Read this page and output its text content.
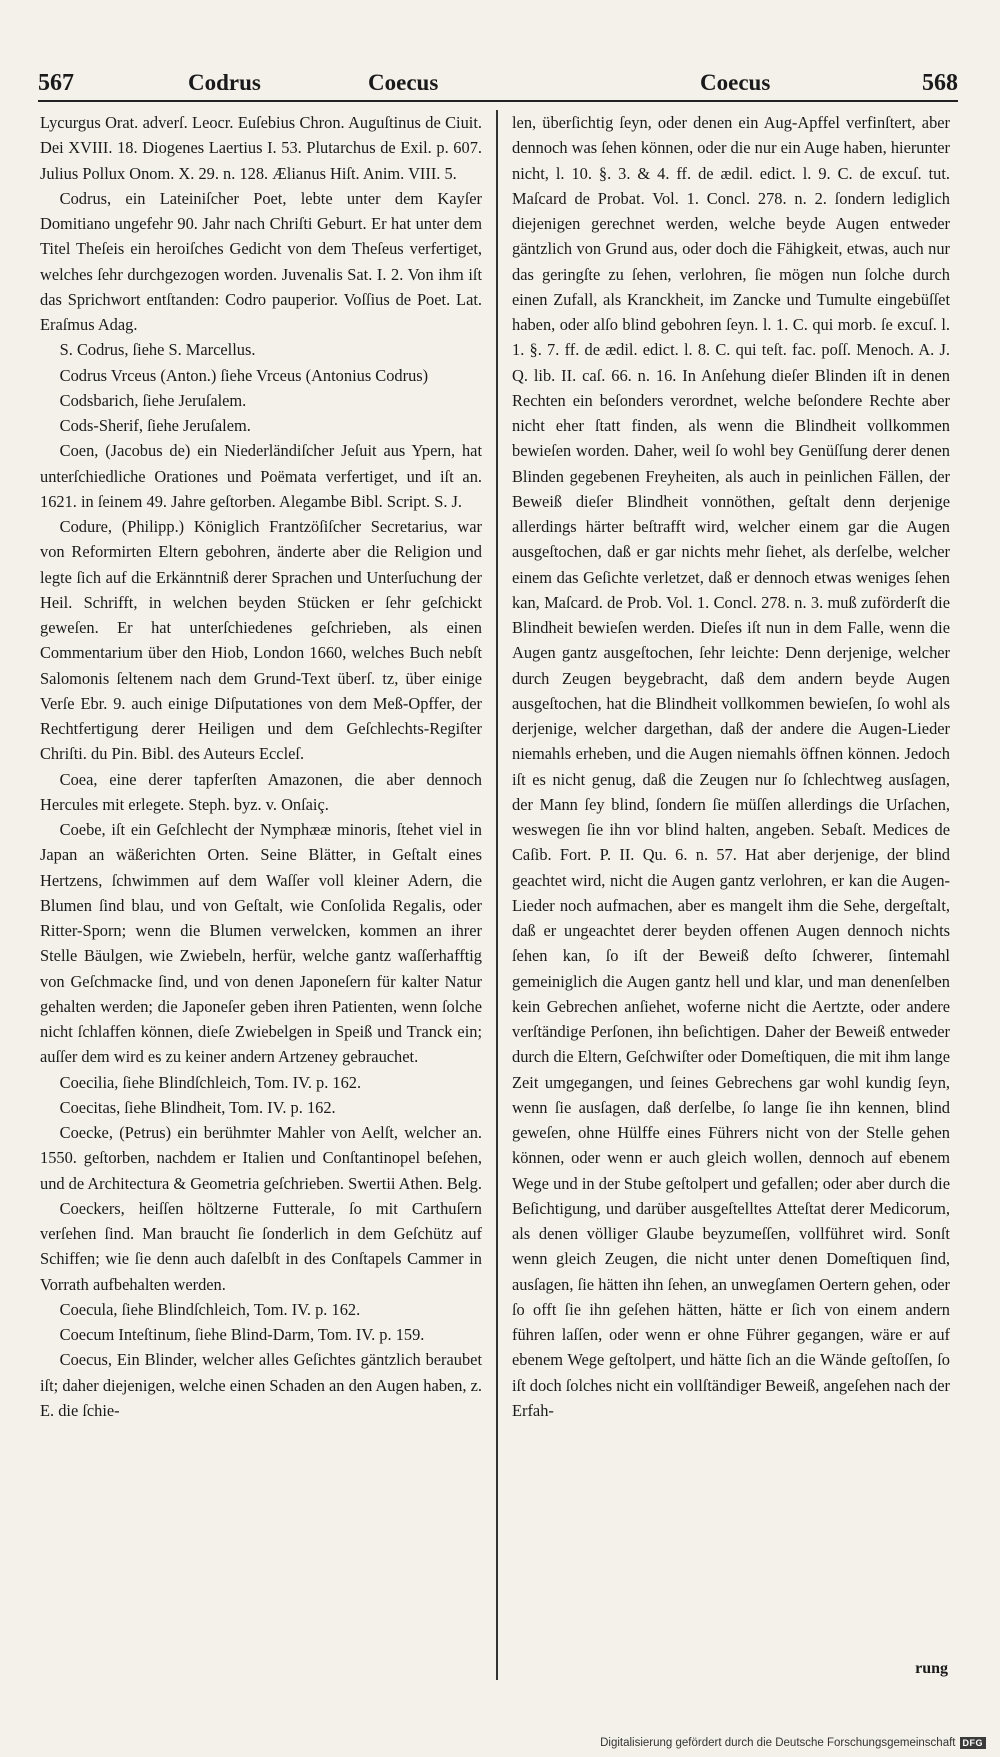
567	Codrus	Coecus	Coecus	568

Lycurgus Orat. adverſ. Leocr. Euſebius Chron. Auguſtinus de Ciuit. Dei XVIII. 18. Diogenes Laertius I. 53. Plutarchus de Exil. p. 607. Julius Pollux Onom. X. 29. n. 128. Ælianus Hiſt. Anim. VIII. 5.

Codrus, ein Lateiniſcher Poet, lebte unter dem Kayſer Domitiano ungefehr 90. Jahr nach Chriſti Geburt. Er hat unter dem Titel Theſeis ein heroiſches Gedicht von dem Theſeus verfertiget, welches ſehr durchgezogen worden. Juvenalis Sat. I. 2. Von ihm iſt das Sprichwort entſtanden: Codro pauperior. Voſſius de Poet. Lat. Eraſmus Adag.

S. Codrus, ſiehe S. Marcellus.

Codrus Vrceus (Anton.) ſiehe Vrceus (Antonius Codrus)

Codsbarich, ſiehe Jeruſalem.

Cods-Sherif, ſiehe Jeruſalem.

Coen, (Jacobus de) ein Niederländiſcher Jeſuit aus Ypern, hat unterſchiedliche Orationes und Poëmata verfertiget, und iſt an. 1621. in ſeinem 49. Jahre geſtorben. Alegambe Bibl. Script. S. J.

Codure, (Philipp.) Königlich Frantzöſiſcher Secretarius, war von Reformirten Eltern gebohren, änderte aber die Religion und legte ſich auf die Erkänntniß derer Sprachen und Unterſuchung der Heil. Schrifft, in welchen beyden Stücken er ſehr geſchickt geweſen. Er hat unterſchiedenes geſchrieben, als einen Commentarium über den Hiob, London 1660, welches Buch nebſt Salomonis ſeltenem nach dem Grund-Text überſ. tz, über einige Verſe Ebr. 9. auch einige Diſputationes von dem Meß-Opffer, der Rechtfertigung derer Heiligen und dem Geſchlechts-Regiſter Chriſti. du Pin. Bibl. des Auteurs Eccleſ.

Coea, eine derer tapferſten Amazonen, die aber dennoch Hercules mit erlegete. Steph. byz. v. Onſaiç.

Coebe, iſt ein Geſchlecht der Nymphææ minoris, ſtehet viel in Japan an wäßerichten Orten. Seine Blätter, in Geſtalt eines Hertzens, ſchwimmen auf dem Waſſer voll kleiner Adern, die Blumen ſind blau, und von Geſtalt, wie Conſolida Regalis, oder Ritter-Sporn; wenn die Blumen verwelcken, kommen an ihrer Stelle Bäulgen, wie Zwiebeln, herfür, welche gantz waſſerhafftig von Geſchmacke ſind, und von denen Japoneſern für kalter Natur gehalten werden; die Japoneſer geben ihren Patienten, wenn ſolche nicht ſchlaffen können, dieſe Zwiebelgen in Speiß und Tranck ein; auſſer dem wird es zu keiner andern Artzeney gebrauchet.

Coecilia, ſiehe Blindſchleich, Tom. IV. p. 162.

Coecitas, ſiehe Blindheit, Tom. IV. p. 162.

Coecke, (Petrus) ein berühmter Mahler von Aelſt, welcher an. 1550. geſtorben, nachdem er Italien und Conſtantinopel beſehen, und de Architectura & Geometria geſchrieben. Swertii Athen. Belg.

Coeckers, heiſſen höltzerne Futterale, ſo mit Carthuſern verſehen ſind. Man braucht ſie ſonderlich in dem Geſchütz auf Schiffen; wie ſie denn auch daſelbſt in des Conſtapels Cammer in Vorrath aufbehalten werden.

Coecula, ſiehe Blindſchleich, Tom. IV. p. 162.

Coecum Inteſtinum, ſiehe Blind-Darm, Tom. IV. p. 159.

Coecus, Ein Blinder, welcher alles Geſichtes gäntzlich beraubet iſt; daher diejenigen, welche einen Schaden an den Augen haben, z. E. die ſchie-

len, überſichtig ſeyn, oder denen ein Aug-Apffel verfinſtert, aber dennoch was ſehen können, oder die nur ein Auge haben, hierunter nicht, l. 10. §. 3. & 4. ff. de ædil. edict. l. 9. C. de excuſ. tut. Maſcard de Probat. Vol. 1. Concl. 278. n. 2. ſondern lediglich diejenigen gerechnet werden, welche beyde Augen entweder gäntzlich von Grund aus, oder doch die Fähigkeit, etwas, auch nur das geringſte zu ſehen, verlohren, ſie mögen nun ſolche durch einen Zufall, als Kranckheit, im Zancke und Tumulte eingebüſſet haben, oder alſo blind gebohren ſeyn. l. 1. C. qui morb. ſe excuſ. l. 1. §. 7. ff. de ædil. edict. l. 8. C. qui teſt. fac. poſſ. Menoch. A. J. Q. lib. II. caſ. 66. n. 16. In Anſehung dieſer Blinden iſt in denen Rechten ein beſonders verordnet, welche beſondere Rechte aber nicht eher ſtatt finden, als wenn die Blindheit vollkommen bewieſen worden. Daher, weil ſo wohl bey Genüſſung derer denen Blinden gegebenen Freyheiten, als auch in peinlichen Fällen, der Beweiß dieſer Blindheit vonnöthen, geſtalt denn derjenige allerdings härter beſtrafft wird, welcher einem gar die Augen ausgeſtochen, daß er gar nichts mehr ſiehet, als derſelbe, welcher einem das Geſichte verletzet, daß er dennoch etwas weniges ſehen kan, Maſcard. de Prob. Vol. 1. Concl. 278. n. 3. muß zuförderſt die Blindheit bewieſen werden. Dieſes iſt nun in dem Falle, wenn die Augen gantz ausgeſtochen, ſehr leichte: Denn derjenige, welcher durch Zeugen beygebracht, daß dem andern beyde Augen ausgeſtochen, hat die Blindheit vollkommen bewieſen, ſo wohl als derjenige, welcher dargethan, daß der andere die Augen-Lieder niemahls erheben, und die Augen niemahls öffnen können. Jedoch iſt es nicht genug, daß die Zeugen nur ſo ſchlechtweg ausſagen, der Mann ſey blind, ſondern ſie müſſen allerdings die Urſachen, weswegen ſie ihn vor blind halten, angeben. Sebaſt. Medices de Caſib. Fort. P. II. Qu. 6. n. 57. Hat aber derjenige, der blind geachtet wird, nicht die Augen gantz verlohren, er kan die Augen-Lieder noch aufmachen, aber es mangelt ihm die Sehe, dergeſtalt, daß er ungeachtet derer beyden offenen Augen dennoch nichts ſehen kan, ſo iſt der Beweiß deſto ſchwerer, ſintemahl gemeiniglich die Augen gantz hell und klar, und man denenſelben kein Gebrechen anſiehet, woferne nicht die Aertzte, oder andere verſtändige Perſonen, ihn beſichtigen. Daher der Beweiß entweder durch die Eltern, Geſchwiſter oder Domeſtiquen, die mit ihm lange Zeit umgegangen, und ſeines Gebrechens gar wohl kundig ſeyn, wenn ſie ausſagen, daß derſelbe, ſo lange ſie ihn kennen, blind geweſen, ohne Hülffe eines Führers nicht von der Stelle gehen können, oder wenn er auch gleich wollen, dennoch auf ebenem Wege und in der Stube geſtolpert und gefallen; oder aber durch die Beſichtigung, und darüber ausgeſtelltes Atteſtat derer Medicorum, als denen völliger Glaube beyzumeſſen, vollführet wird. Sonſt wenn gleich Zeugen, die nicht unter denen Domeſtiquen ſind, ausſagen, ſie hätten ihn ſehen, an unwegſamen Oertern gehen, oder ſo offt ſie ihn geſehen hätten, hätte er ſich von einem andern führen laſſen, oder wenn er ohne Führer gegangen, wäre er auf ebenem Wege geſtolpert, und hätte ſich an die Wände geſtoſſen, ſo iſt doch ſolches nicht ein vollſtändiger Beweiß, angeſehen nach der Erfah-

rung
Digitalisierung gefördert durch die Deutsche Forschungsgemeinschaft DFG
